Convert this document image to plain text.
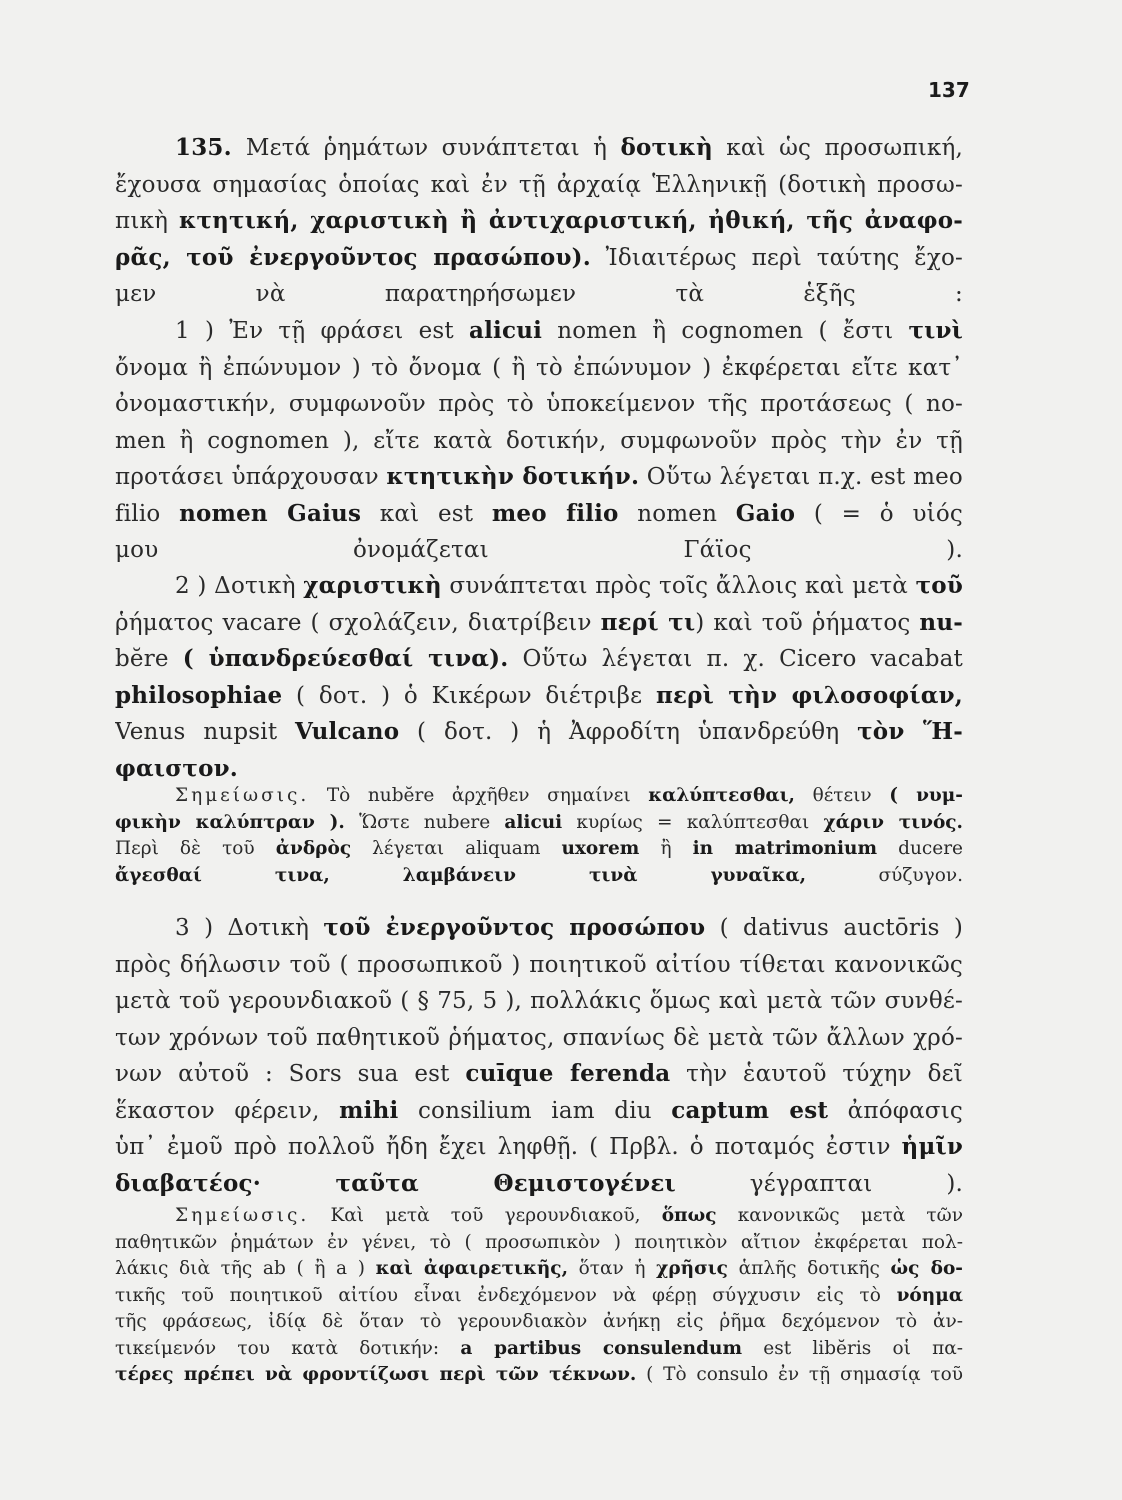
137
135. Μετά ῥημάτων συνάπτεται ἡ δοτικὴ καὶ ὡς προσωπική,
ἔχουσα σημασίας ὁποίας καὶ ἐν τῇ ἀρχαίᾳ Ἑλληνικῇ (δοτικὴ προσω-
πικὴ κτητική, χαριστικὴ ἢ ἀντιχαριστική, ἠθική, τῆς ἀναφο-
ρᾶς, τοῦ ἐνεργοῦντος πρασώπου). Ἰδιαιτέρως περὶ ταύτης ἔχο-
μεν νὰ παρατηρήσωμεν τὰ ἑξῆς :
1 ) Ἐν τῇ φράσει est alicui nomen ἢ cognomen ( ἔστι τινὶ
ὄνομα ἢ ἐπώνυμον ) τὸ ὄνομα ( ἢ τὸ ἐπώνυμον ) ἐκφέρεται εἴτε κατ᾽
ὀνομαστικήν, συμφωνοῦν πρὸς τὸ ὑποκείμενον τῆς προτάσεως ( no-
men ἢ cognomen ), εἴτε κατὰ δοτικήν, συμφωνοῦν πρὸς τὴν ἐν τῇ
προτάσει ὑπάρχουσαν κτητικὴν δοτικήν. Οὕτω λέγεται π.χ. est meo
filio nomen Gaius καὶ est meo filio nomen Gaio ( = ὁ υἱός
μου ὀνομάζεται Γάϊος ).
2 ) Δοτικὴ χαριστικὴ συνάπτεται πρὸς τοῖς ἄλλοις καὶ μετὰ τοῦ
ῥήματος vacare ( σχολάζειν, διατρίβειν περί τι) καὶ τοῦ ῥήματος nu-
bĕre ( ὑπανδρεύεσθαί τινα). Οὕτω λέγεται π. χ. Cicero vacabat
philosophiae ( δοτ. ) ὁ Κικέρων διέτριβε περὶ τὴν φιλοσοφίαν,
Venus nupsit Vulcano ( δοτ. ) ἡ Ἀφροδίτη ὑπανδρεύθη τὸν Ἥ-
φαιστον.
Σημείωσις. Τὸ nubĕre ἀρχῆθεν σημαίνει καλύπτεσθαι, θέτειν ( νυμ-
φικὴν καλύπτραν ). Ὥστε nubere alicui κυρίως = καλύπτεσθαι χάριν τινός.
Περὶ δὲ τοῦ ἀνδρὸς λέγεται aliquam uxorem ἢ in matrimonium ducere
ἄγεσθαί τινα, λαμβάνειν τινὰ γυναῖκα, σύζυγον.
3 ) Δοτικὴ τοῦ ἐνεργοῦντος προσώπου ( dativus auctōris )
πρὸς δήλωσιν τοῦ ( προσωπικοῦ ) ποιητικοῦ αἰτίου τίθεται κανονικῶς
μετὰ τοῦ γερουνδιακοῦ ( § 75, 5 ), πολλάκις ὅμως καὶ μετὰ τῶν συνθέ-
των χρόνων τοῦ παθητικοῦ ῥήματος, σπανίως δὲ μετὰ τῶν ἄλλων χρό-
νων αὐτοῦ : Sors sua est cuīque ferenda τὴν ἑαυτοῦ τύχην δεῖ
ἕκαστον φέρειν, mihi consilium iam diu captum est ἀπόφασις
ὑπ᾽ ἐμοῦ πρὸ πολλοῦ ἤδη ἔχει ληφθῇ. ( Πρβλ. ὁ ποταμός ἐστιν ἡμῖν
διαβατέος· ταῦτα Θεμιστογένει γέγραπται ).
Σημείωσις. Καὶ μετὰ τοῦ γερουνδιακοῦ, ὅπως κανονικῶς μετὰ τῶν
παθητικῶν ῥημάτων ἐν γένει, τὸ ( προσωπικὸν ) ποιητικὸν αἴτιον ἐκφέρεται πολ-
λάκις διὰ τῆς ab ( ἢ a ) καὶ ἀφαιρετικῆς, ὅταν ἡ χρῆσις ἁπλῆς δοτικῆς ὡς δο-
τικῆς τοῦ ποιητικοῦ αἰτίου εἶναι ἐνδεχόμενον νὰ φέρῃ σύγχυσιν εἰς τὸ νόημα
τῆς φράσεως, ἰδίᾳ δὲ ὅταν τὸ γερουνδιακὸν ἀνήκῃ εἰς ῥῆμα δεχόμενον τὸ ἀν-
τικείμενόν του κατὰ δοτικήν: a partibus consulendum est libĕris οἱ πα-
τέρες πρέπει νὰ φροντίζωσι περὶ τῶν τέκνων. ( Τὸ consulo ἐν τῇ σημασίᾳ τοῦ
